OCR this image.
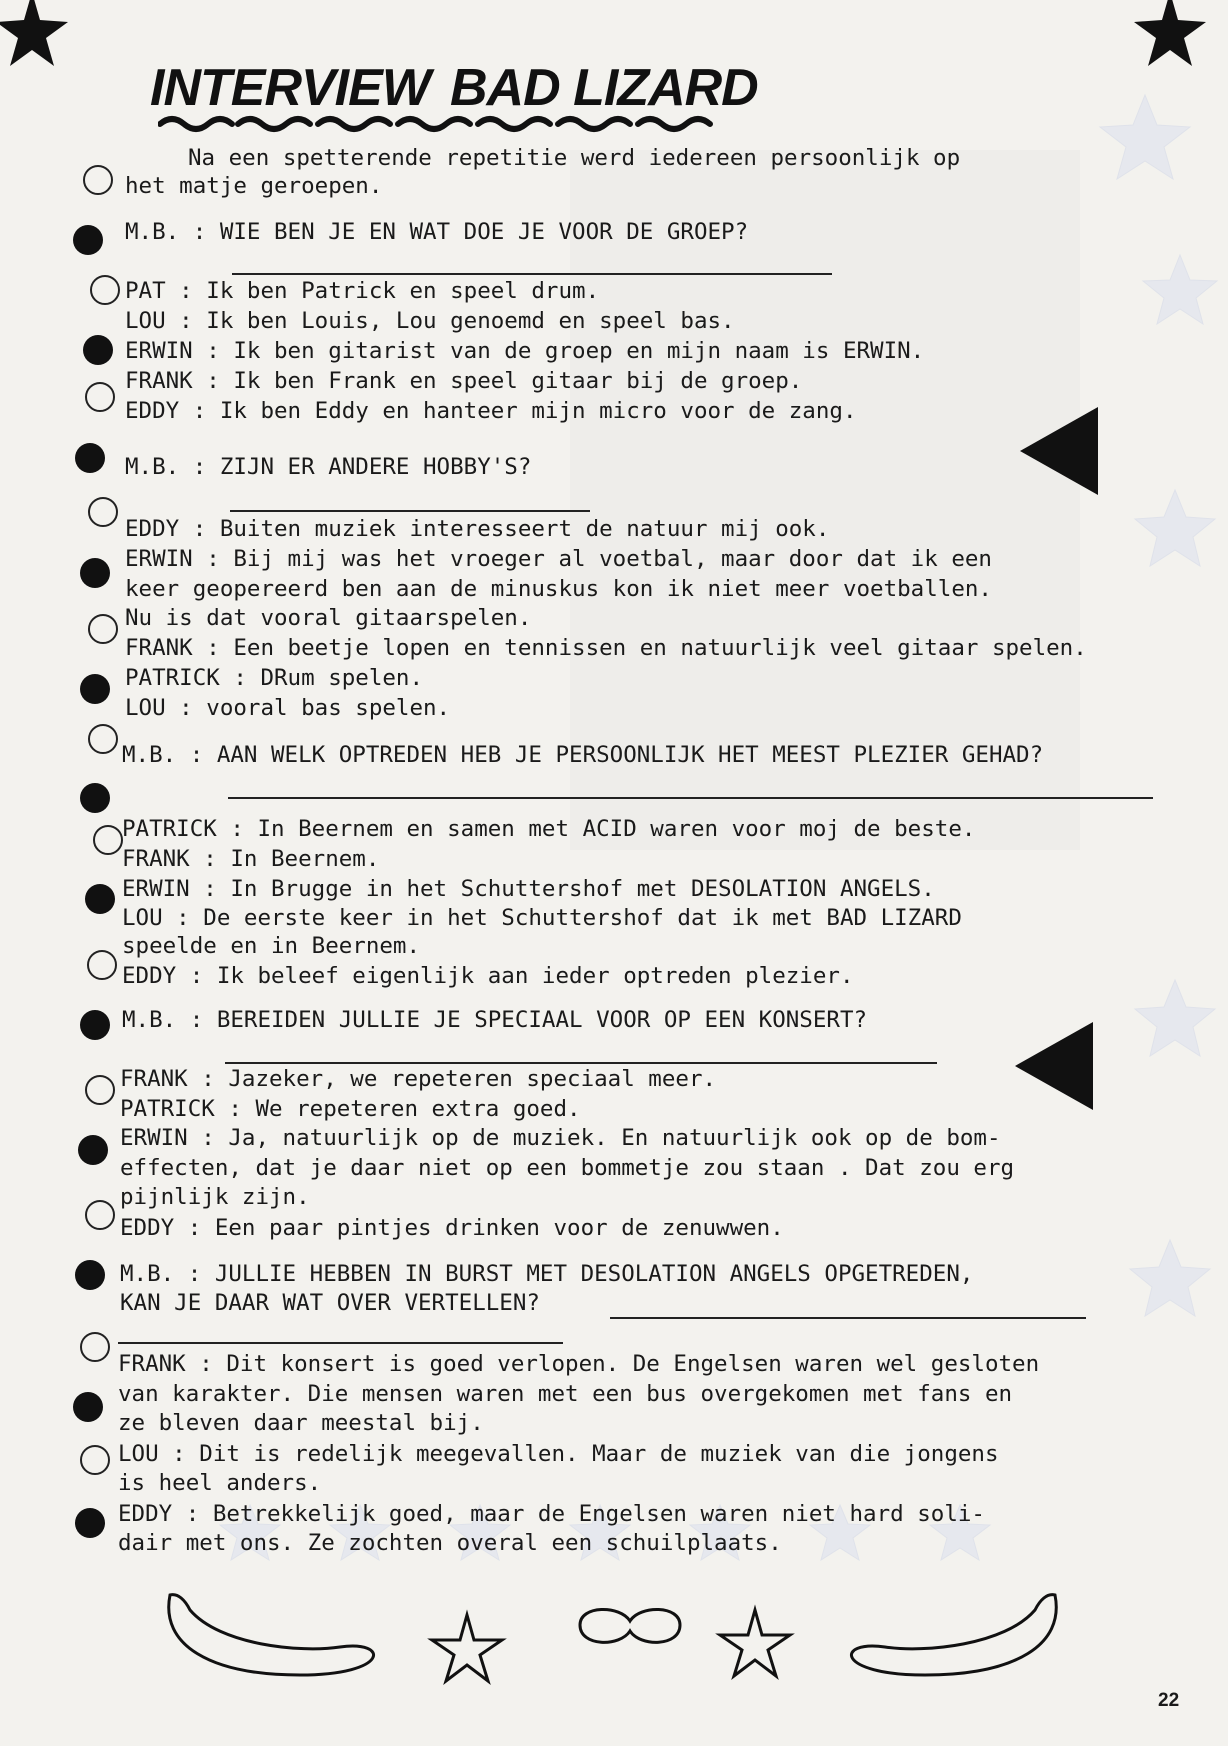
INTERVIEW BAD LIZARD
Na een spetterende repetitie werd iedereen persoonlijk op
het matje geroepen.
M.B. : WIE BEN JE EN WAT DOE JE VOOR DE GROEP?
PAT : Ik ben Patrick en speel drum.
LOU : Ik ben Louis, Lou genoemd en speel bas.
ERWIN : Ik ben gitarist van de groep en mijn naam is ERWIN.
FRANK : Ik ben Frank en speel gitaar bij de groep.
EDDY : Ik ben Eddy en hanteer mijn micro voor de zang.
M.B. : ZIJN ER ANDERE HOBBY'S?
EDDY : Buiten muziek interesseert de natuur mij ook.
ERWIN : Bij mij was het vroeger al voetbal, maar door dat ik een
keer geopereerd ben aan de minuskus kon ik niet meer voetballen.
Nu is dat vooral gitaarspelen.
FRANK : Een beetje lopen en tennissen en natuurlijk veel gitaar spelen.
PATRICK : DRum spelen.
LOU : vooral bas spelen.
M.B. : AAN WELK OPTREDEN HEB JE PERSOONLIJK HET MEEST PLEZIER GEHAD?
PATRICK : In Beernem en samen met ACID waren voor moj de beste.
FRANK : In Beernem.
ERWIN : In Brugge in het Schuttershof met DESOLATION ANGELS.
LOU : De eerste keer in het Schuttershof dat ik met BAD LIZARD
speelde en in Beernem.
EDDY : Ik beleef eigenlijk aan ieder optreden plezier.
M.B. : BEREIDEN JULLIE JE SPECIAAL VOOR OP EEN KONSERT?
FRANK : Jazeker, we repeteren speciaal meer.
PATRICK : We repeteren extra goed.
ERWIN : Ja, natuurlijk op de muziek. En natuurlijk ook op de bom-
effecten, dat je daar niet op een bommetje zou staan . Dat zou erg
pijnlijk zijn.
EDDY : Een paar pintjes drinken voor de zenuwwen.
M.B. : JULLIE HEBBEN IN BURST MET DESOLATION ANGELS OPGETREDEN,
KAN JE DAAR WAT OVER VERTELLEN?
FRANK : Dit konsert is goed verlopen. De Engelsen waren wel gesloten
van karakter. Die mensen waren met een bus overgekomen met fans en
ze bleven daar meestal bij.
LOU : Dit is redelijk meegevallen. Maar de muziek van die jongens
is heel anders.
EDDY : Betrekkelijk goed, maar de Engelsen waren niet hard soli-
dair met ons. Ze zochten overal een schuilplaats.
22
